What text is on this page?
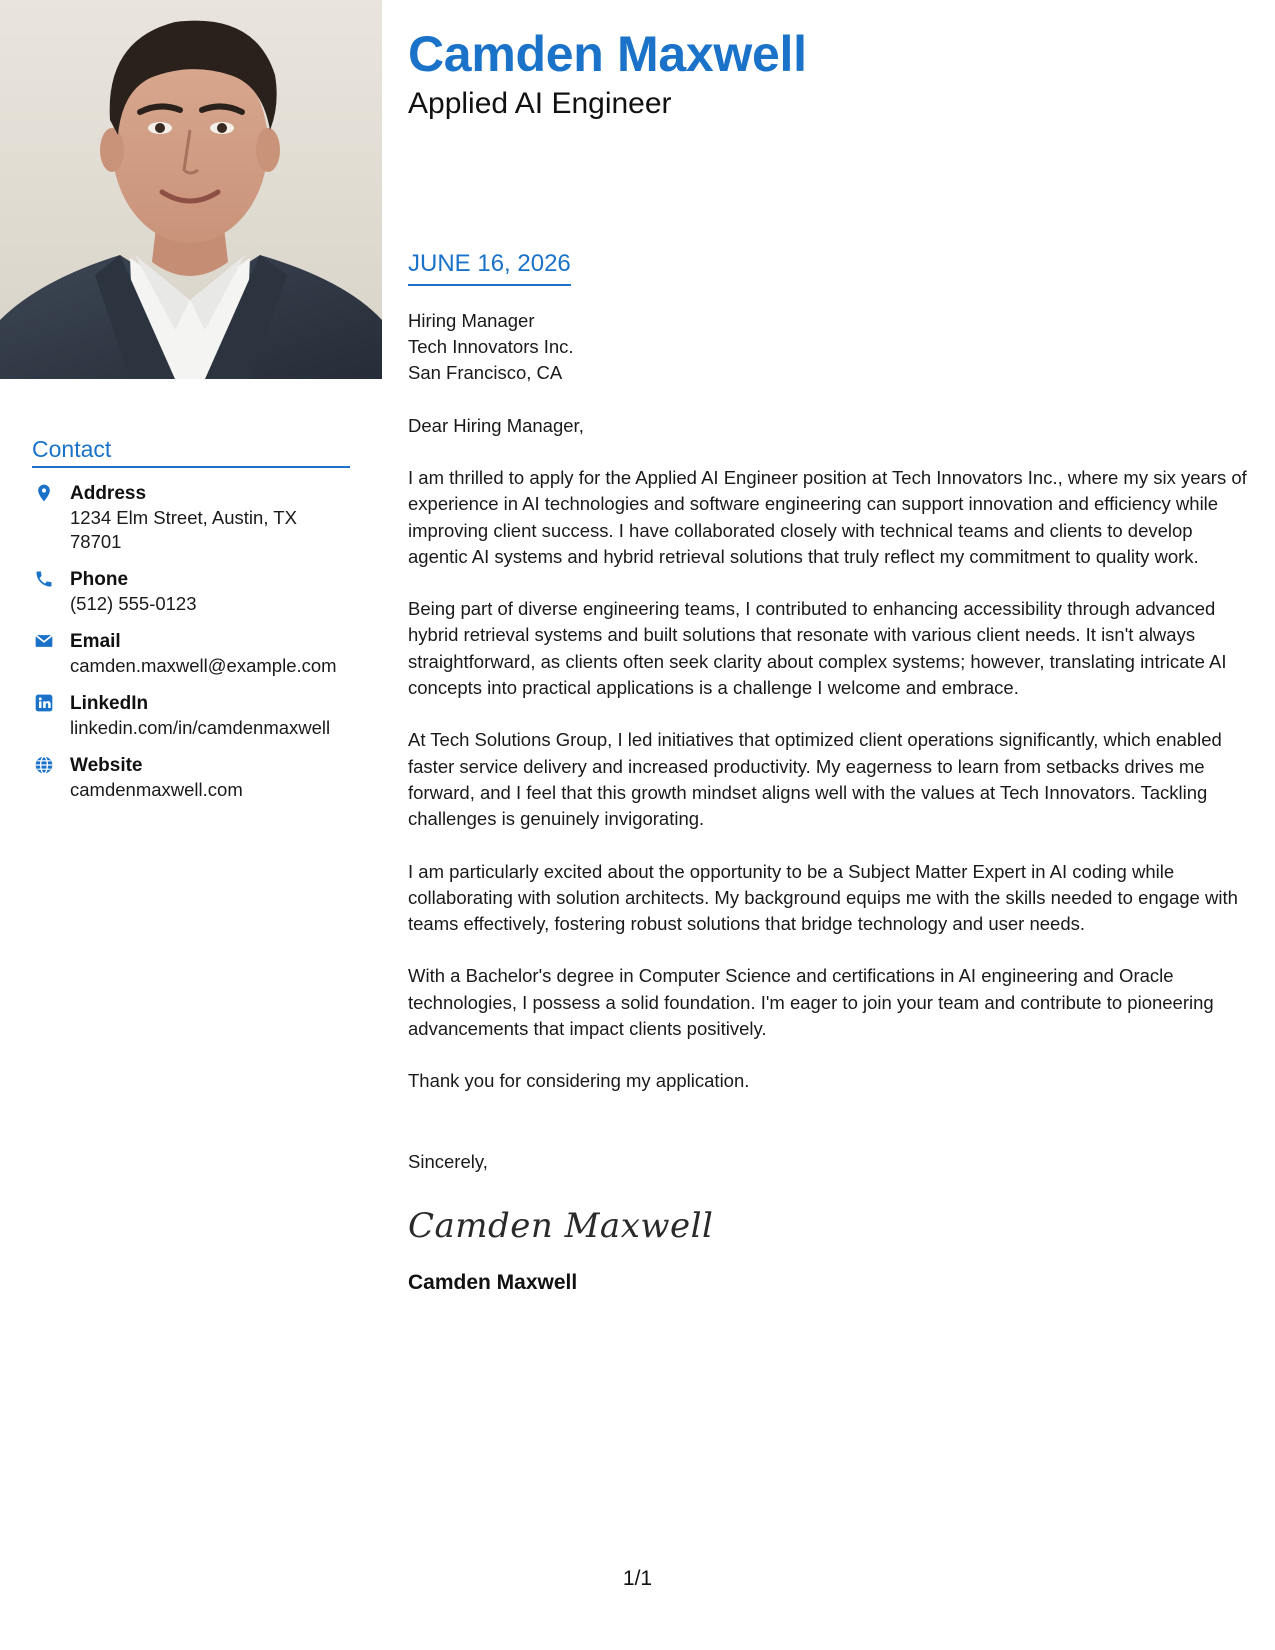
Contact
Address
1234 Elm Street, Austin, TX 78701
Phone
(512) 555-0123
Email
camden.maxwell@example.com
LinkedIn
linkedin.com/in/camdenmaxwell
Website
camdenmaxwell.com
Camden Maxwell
Applied AI Engineer
JUNE 16, 2026
Hiring Manager
Tech Innovators Inc.
San Francisco, CA
Dear Hiring Manager,

I am thrilled to apply for the Applied AI Engineer position at Tech Innovators Inc., where my six years of experience in AI technologies and software engineering can support innovation and efficiency while improving client success. I have collaborated closely with technical teams and clients to develop agentic AI systems and hybrid retrieval solutions that truly reflect my commitment to quality work.

Being part of diverse engineering teams, I contributed to enhancing accessibility through advanced hybrid retrieval systems and built solutions that resonate with various client needs. It isn't always straightforward, as clients often seek clarity about complex systems; however, translating intricate AI concepts into practical applications is a challenge I welcome and embrace.

At Tech Solutions Group, I led initiatives that optimized client operations significantly, which enabled faster service delivery and increased productivity. My eagerness to learn from setbacks drives me forward, and I feel that this growth mindset aligns well with the values at Tech Innovators. Tackling challenges is genuinely invigorating.

I am particularly excited about the opportunity to be a Subject Matter Expert in AI coding while collaborating with solution architects. My background equips me with the skills needed to engage with teams effectively, fostering robust solutions that bridge technology and user needs.

With a Bachelor's degree in Computer Science and certifications in AI engineering and Oracle technologies, I possess a solid foundation. I'm eager to join your team and contribute to pioneering advancements that impact clients positively.

Thank you for considering my application.

Sincerely,
Camden Maxwell
Camden Maxwell
1/1
